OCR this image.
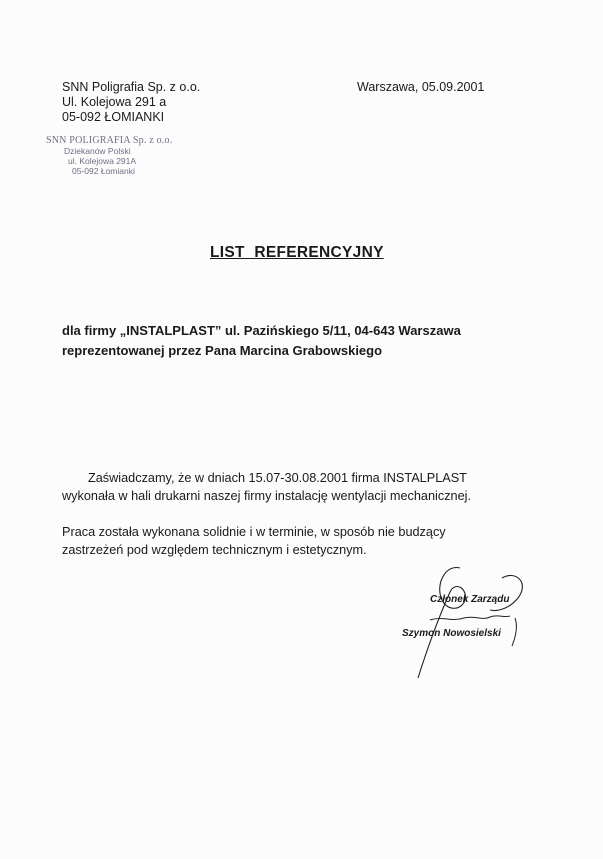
SNN Poligrafia Sp. z o.o.
Ul. Kolejowa 291 a
05-092 ŁOMIANKI
Warszawa, 05.09.2001
SNN POLIGRAFIA Sp. z o.o.
Dziekanów Polski
ul. Kolejowa 291A
05-092 Łomianki
LIST REFERENCYJNY
dla firmy „INSTALPLAST” ul. Pazińskiego 5/11, 04-643 Warszawa
reprezentowanej przez Pana Marcina Grabowskiego
Zaświadczamy, że w dniach 15.07-30.08.2001 firma INSTALPLAST
wykonała w hali drukarni naszej firmy instalację wentylacji mechanicznej.
Praca została wykonana solidnie i w terminie, w sposób nie budzący
zastrzeżeń pod względem technicznym i estetycznym.
Członek Zarządu
Szymon Nowosielski
